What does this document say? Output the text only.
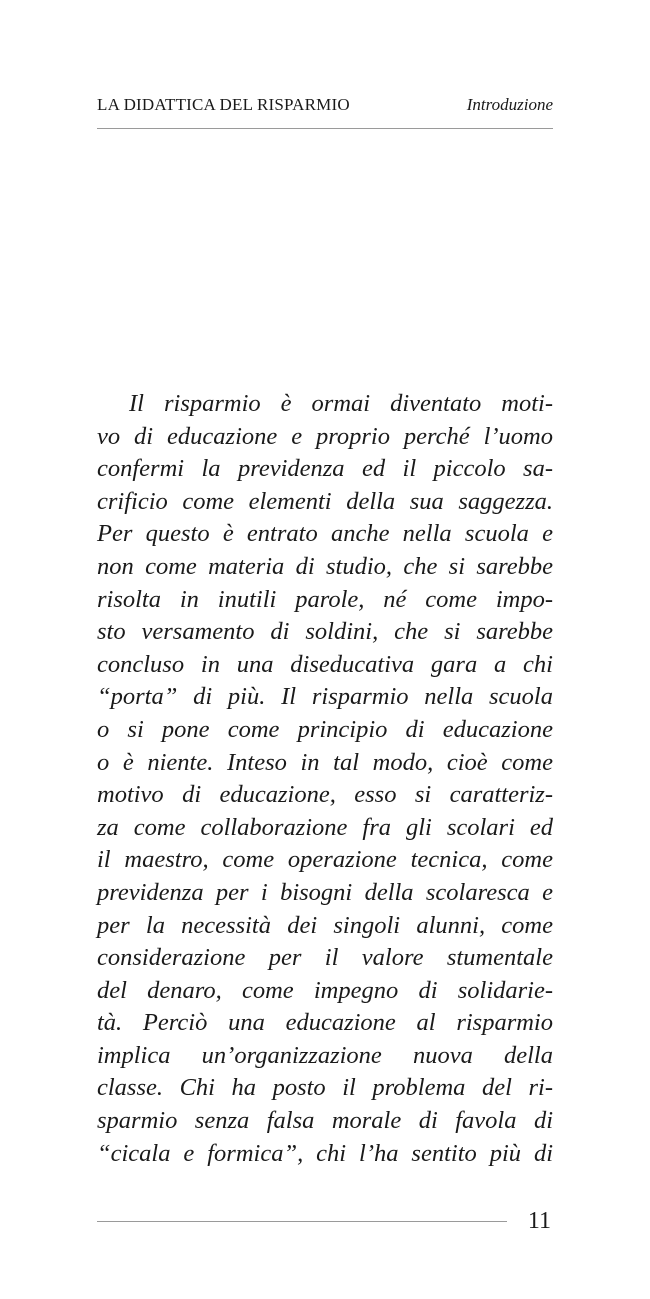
LA DIDATTICA DEL RISPARMIO	Introduzione
Il risparmio è ormai diventato moti-
vo di educazione e proprio perché l’uomo
confermi la previdenza ed il piccolo sa-
crificio come elementi della sua saggezza.
Per questo è entrato anche nella scuola e
non come materia di studio, che si sarebbe
risolta in inutili parole, né come impo-
sto versamento di soldini, che si sarebbe
concluso in una diseducativa gara a chi
“porta” di più. Il risparmio nella scuola
o si pone come principio di educazione
o è niente. Inteso in tal modo, cioè come
motivo di educazione, esso si caratteriz-
za come collaborazione fra gli scolari ed
il maestro, come operazione tecnica, come
previdenza per i bisogni della scolaresca e
per la necessità dei singoli alunni, come
considerazione per il valore stumentale
del denaro, come impegno di solidarie-
tà. Perciò una educazione al risparmio
implica un’organizzazione nuova della
classe. Chi ha posto il problema del ri-
sparmio senza falsa morale di favola di
“cicala e formica”, chi l’ha sentito più di
11
